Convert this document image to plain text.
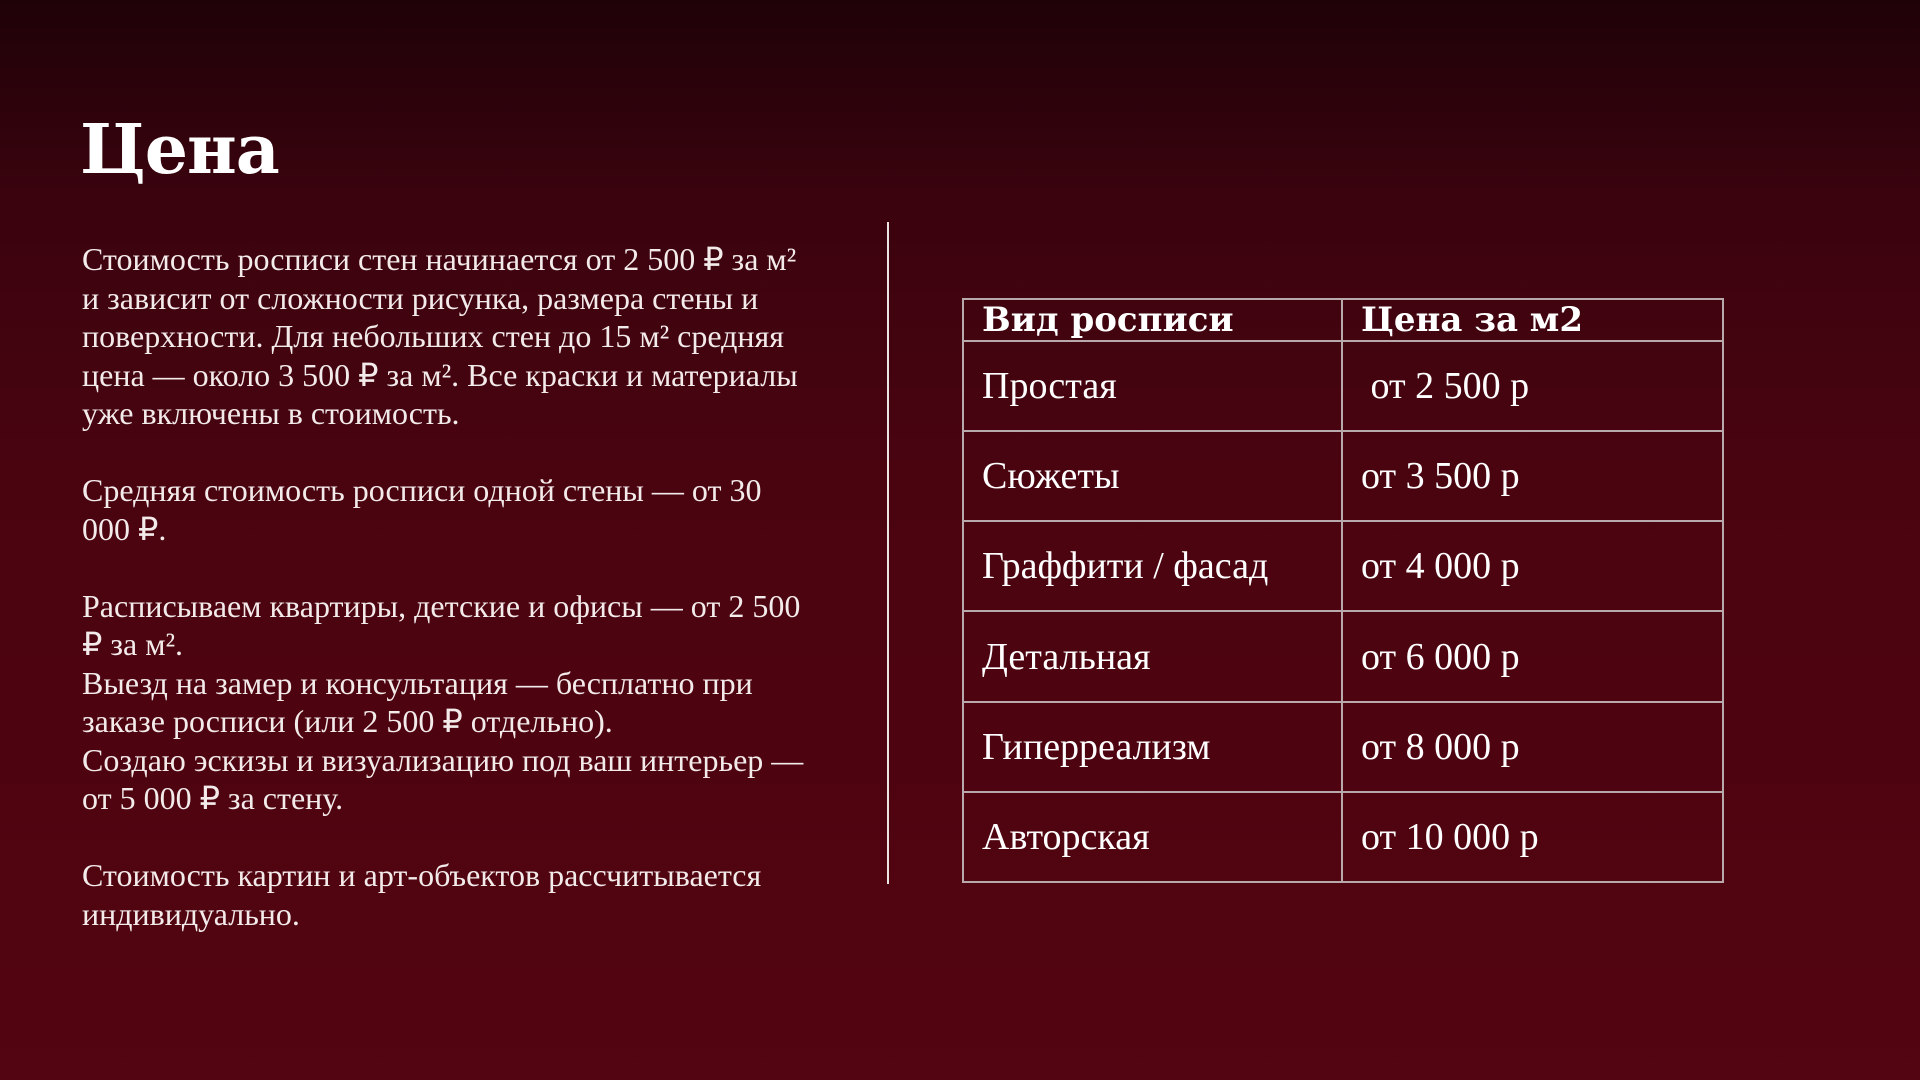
Цена

Стоимость росписи стен начинается от 2 500 ₽ за м² и зависит от сложности рисунка, размера стены и поверхности. Для небольших стен до 15 м² средняя цена — около 3 500 ₽ за м². Все краски и материалы уже включены в стоимость.

Средняя стоимость росписи одной стены — от 30 000 ₽.

Расписываем квартиры, детские и офисы — от 2 500 ₽ за м².

Выезд на замер и консультация — бесплатно при заказе росписи (или 2 500 ₽ отдельно).

Создаю эскизы и визуализацию под ваш интерьер — от 5 000 ₽ за стену.

Стоимость картин и арт-объектов рассчитывается индивидуально.

Вид росписи	Цена за м2
Простая	от 2 500 р
Сюжеты	от 3 500 р
Граффити / фасад	от 4 000 р
Детальная	от 6 000 р
Гиперреализм	от 8 000 р
Авторская	от 10 000 р
